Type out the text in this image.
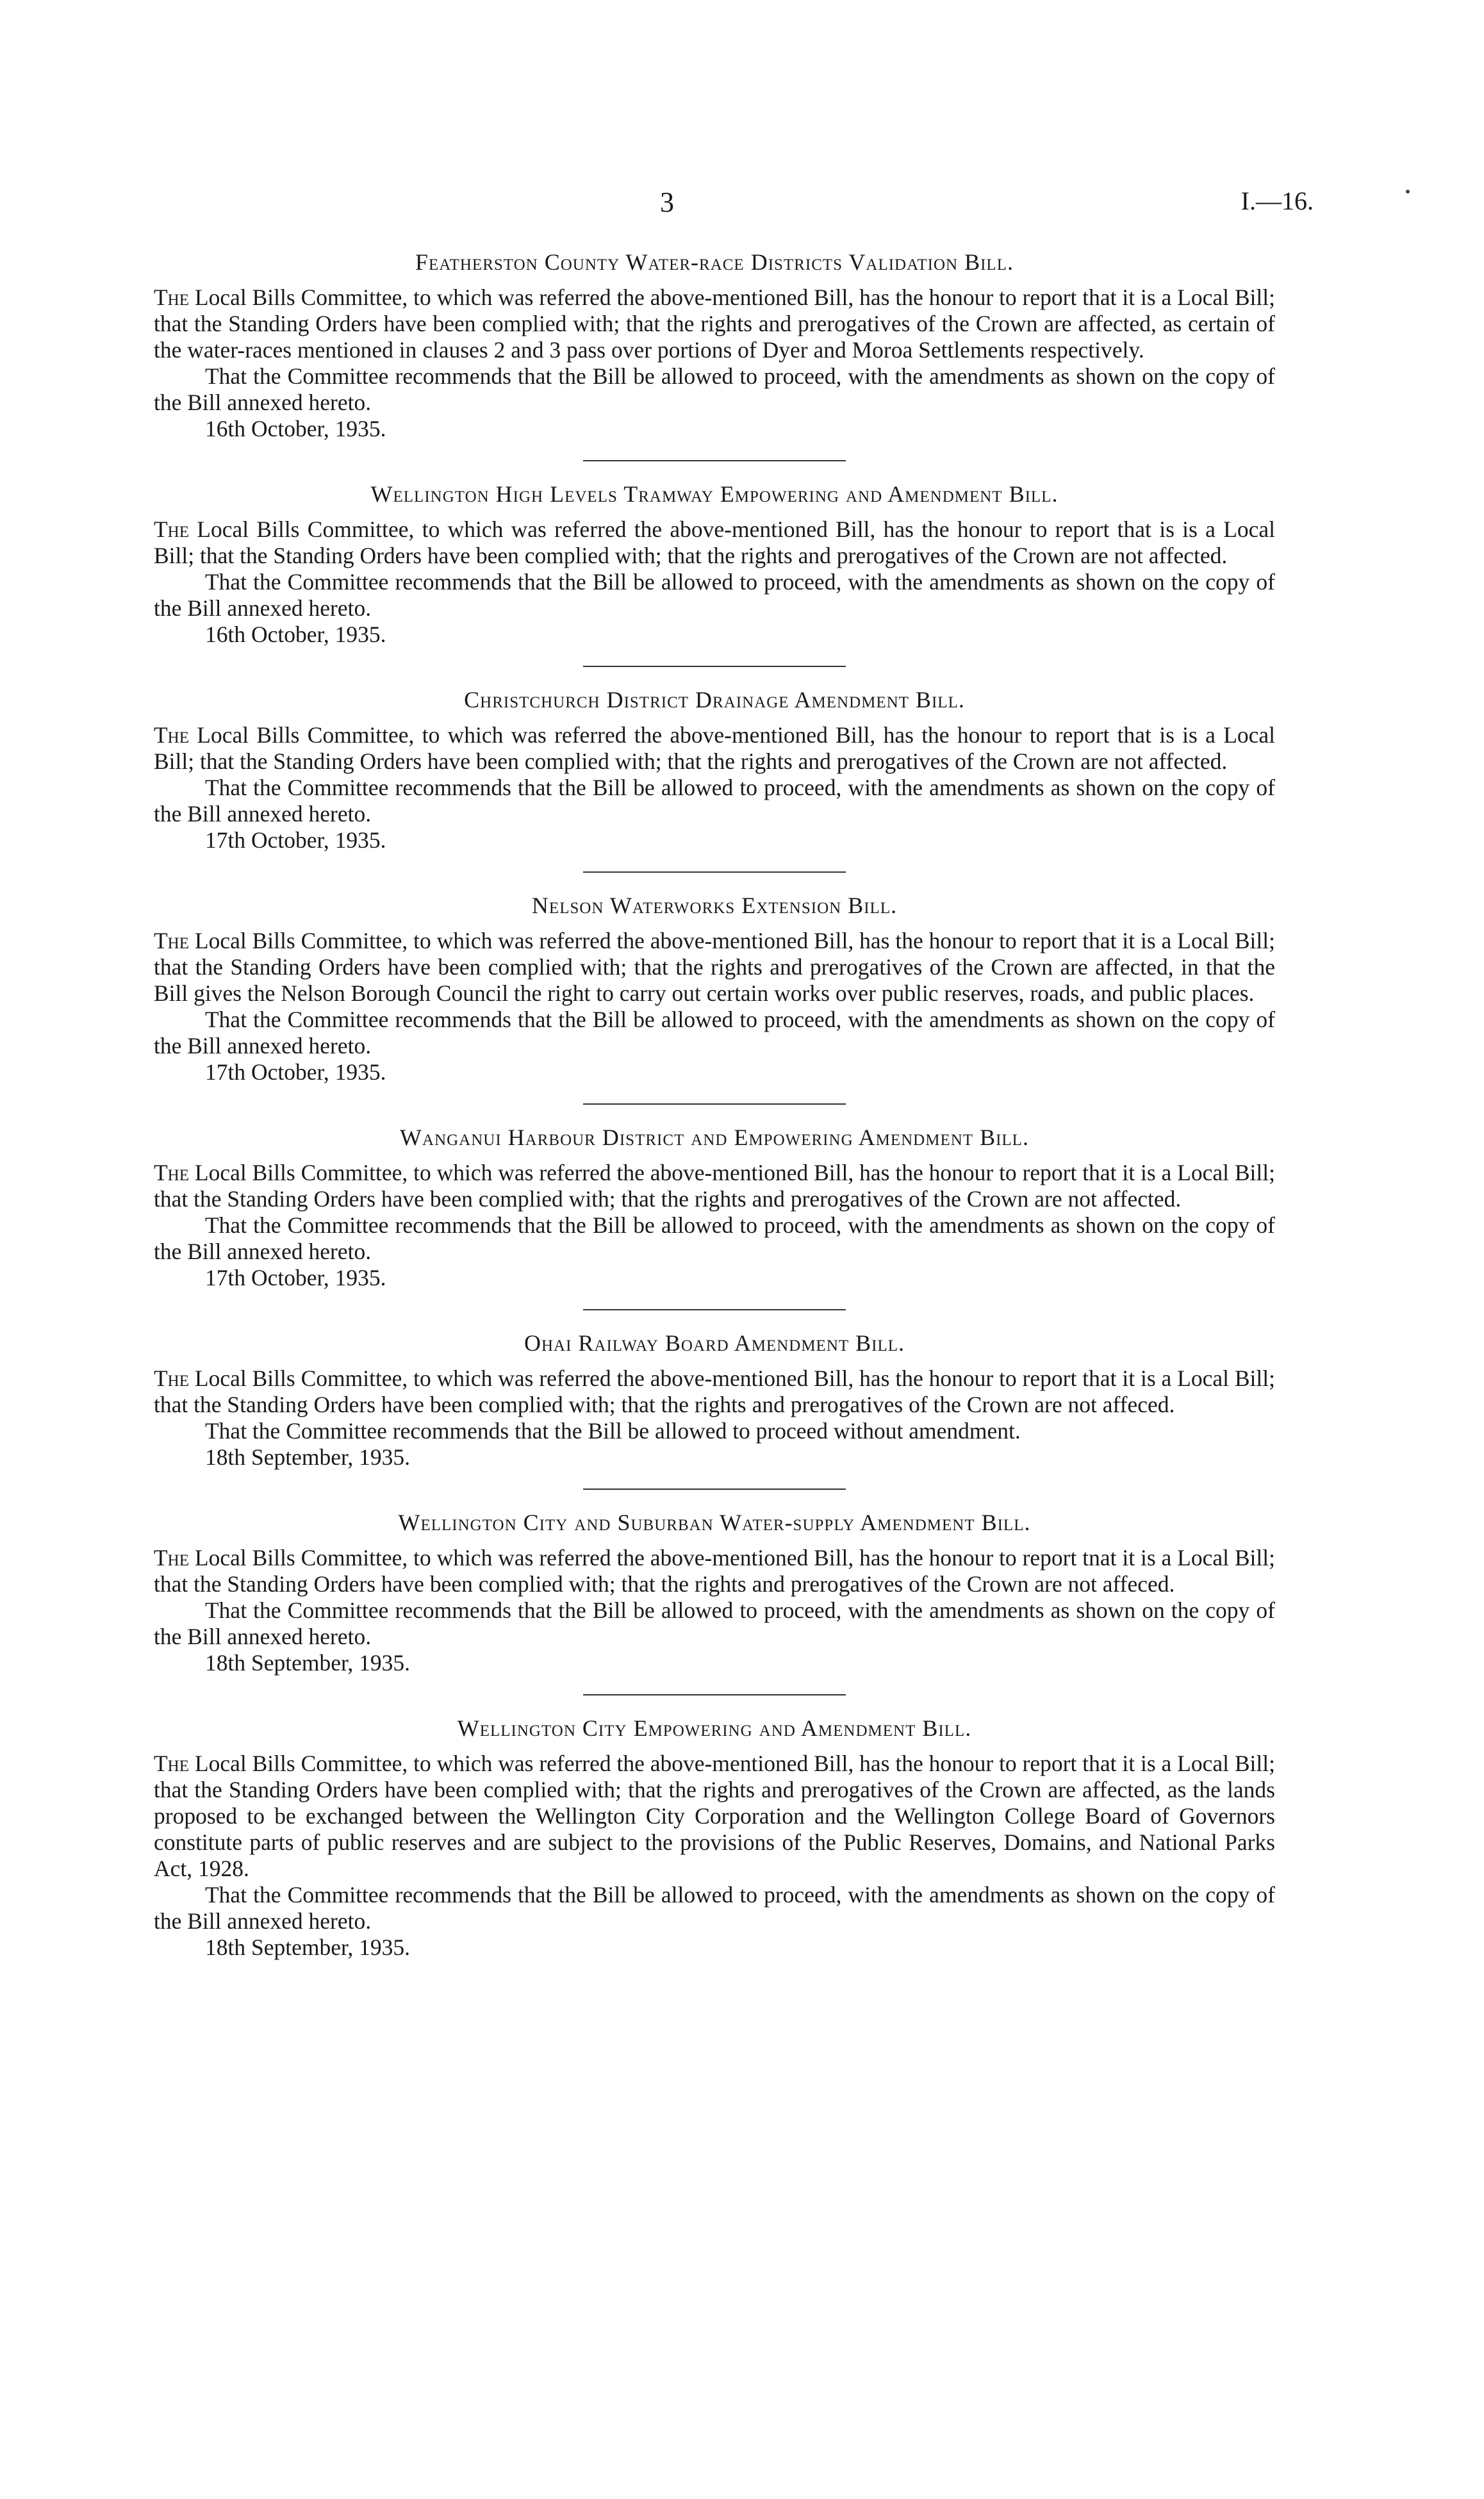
3	I.—16.
Featherston County Water-race Districts Validation Bill.

The Local Bills Committee, to which was referred the above-mentioned Bill, has the honour to report that it is a Local Bill; that the Standing Orders have been complied with; that the rights and prerogatives of the Crown are affected, as certain of the water-races mentioned in clauses 2 and 3 pass over portions of Dyer and Moroa Settlements respectively.

That the Committee recommends that the Bill be allowed to proceed, with the amendments as shown on the copy of the Bill annexed hereto.

16th October, 1935.

Wellington High Levels Tramway Empowering and Amendment Bill.

The Local Bills Committee, to which was referred the above-mentioned Bill, has the honour to report that is is a Local Bill; that the Standing Orders have been complied with; that the rights and prerogatives of the Crown are not affected.

That the Committee recommends that the Bill be allowed to proceed, with the amendments as shown on the copy of the Bill annexed hereto.

16th October, 1935.

Christchurch District Drainage Amendment Bill.

The Local Bills Committee, to which was referred the above-mentioned Bill, has the honour to report that is is a Local Bill; that the Standing Orders have been complied with; that the rights and prerogatives of the Crown are not affected.

That the Committee recommends that the Bill be allowed to proceed, with the amendments as shown on the copy of the Bill annexed hereto.

17th October, 1935.

Nelson Waterworks Extension Bill.

The Local Bills Committee, to which was referred the above-mentioned Bill, has the honour to report that it is a Local Bill; that the Standing Orders have been complied with; that the rights and prerogatives of the Crown are affected, in that the Bill gives the Nelson Borough Council the right to carry out certain works over public reserves, roads, and public places.

That the Committee recommends that the Bill be allowed to proceed, with the amendments as shown on the copy of the Bill annexed hereto.

17th October, 1935.

Wanganui Harbour District and Empowering Amendment Bill.

The Local Bills Committee, to which was referred the above-mentioned Bill, has the honour to report that it is a Local Bill; that the Standing Orders have been complied with; that the rights and prerogatives of the Crown are not affected.

That the Committee recommends that the Bill be allowed to proceed, with the amendments as shown on the copy of the Bill annexed hereto.

17th October, 1935.

Ohai Railway Board Amendment Bill.

The Local Bills Committee, to which was referred the above-mentioned Bill, has the honour to report that it is a Local Bill; that the Standing Orders have been complied with; that the rights and prerogatives of the Crown are not affeced.

That the Committee recommends that the Bill be allowed to proceed without amendment.

18th September, 1935.

Wellington City and Suburban Water-supply Amendment Bill.

The Local Bills Committee, to which was referred the above-mentioned Bill, has the honour to report tnat it is a Local Bill; that the Standing Orders have been complied with; that the rights and prerogatives of the Crown are not affeced.

That the Committee recommends that the Bill be allowed to proceed, with the amendments as shown on the copy of the Bill annexed hereto.

18th September, 1935.

Wellington City Empowering and Amendment Bill.

The Local Bills Committee, to which was referred the above-mentioned Bill, has the honour to report that it is a Local Bill; that the Standing Orders have been complied with; that the rights and prerogatives of the Crown are affected, as the lands proposed to be exchanged between the Wellington City Corporation and the Wellington College Board of Governors constitute parts of public reserves and are subject to the provisions of the Public Reserves, Domains, and National Parks Act, 1928.

That the Committee recommends that the Bill be allowed to proceed, with the amendments as shown on the copy of the Bill annexed hereto.

18th September, 1935.
